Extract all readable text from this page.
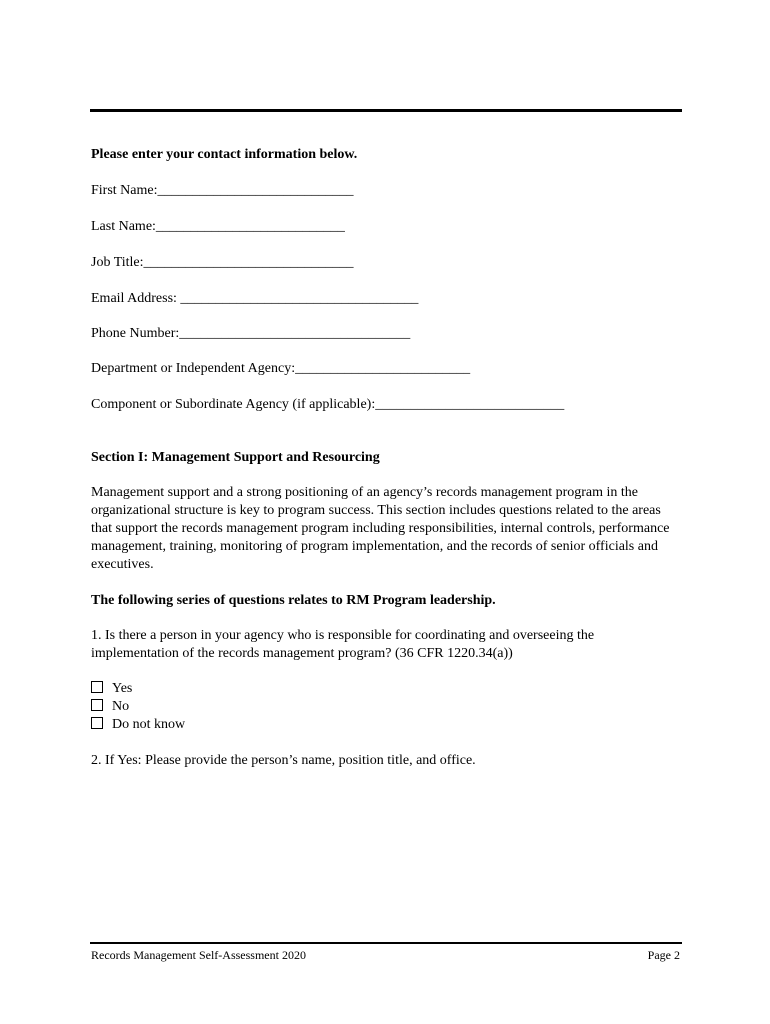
Please enter your contact information below.
First Name:____________________________
Last Name:___________________________
Job Title:______________________________
Email Address: __________________________________
Phone Number:_________________________________
Department or Independent Agency:_________________________
Component or Subordinate Agency (if applicable):___________________________
Section I: Management Support and Resourcing
Management support and a strong positioning of an agency’s records management program in the organizational structure is key to program success. This section includes questions related to the areas that support the records management program including responsibilities, internal controls, performance management, training, monitoring of program implementation, and the records of senior officials and executives.
The following series of questions relates to RM Program leadership.
1. Is there a person in your agency who is responsible for coordinating and overseeing the implementation of the records management program? (36 CFR 1220.34(a))
Yes
No
Do not know
2. If Yes: Please provide the person’s name, position title, and office.
Records Management Self-Assessment 2020	Page 2
